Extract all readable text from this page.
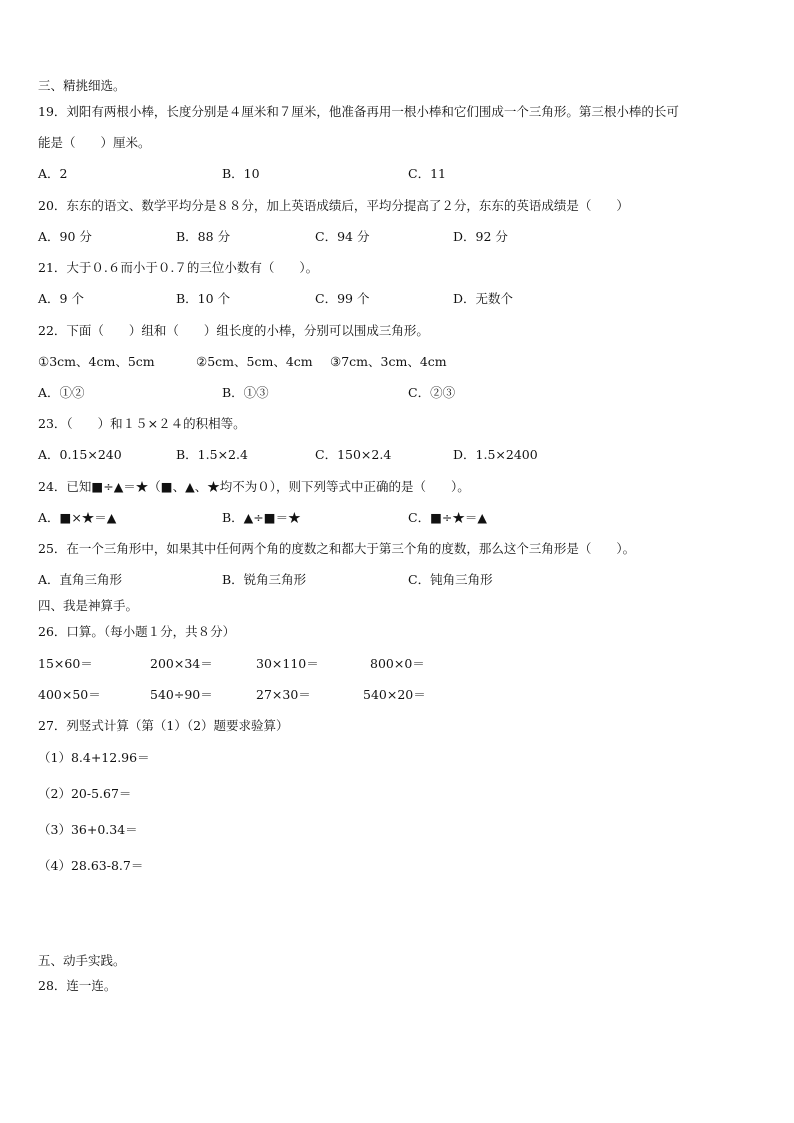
三、精挑细选。
19．刘阳有两根小棒，长度分别是４厘米和７厘米，他准备再用一根小棒和它们围成一个三角形。第三根小棒的长可
能是（　　）厘米。
A．2	B．10	C．11
20．东东的语文、数学平均分是８８分，加上英语成绩后，平均分提高了２分，东东的英语成绩是（　　）
A．90 分	B．88 分	C．94 分	D．92 分
21．大于０.６而小于０.７的三位小数有（　　）。
A．9 个	B．10 个	C．99 个	D．无数个
22．下面（　　）组和（　　）组长度的小棒，分别可以围成三角形。
①3cm、4cm、5cm	②5cm、5cm、4cm ③7cm、3cm、4cm
A．①②	B．①③	C．②③
23．（　　）和１５×２４的积相等。
A．0.15×240	B．1.5×2.4	C．150×2.4	D．1.5×2400
24．已知■÷▲＝★（■、▲、★均不为０），则下列等式中正确的是（　　）。
A．■×★＝▲	B．▲÷■＝★	C．■÷★＝▲
25．在一个三角形中，如果其中任何两个角的度数之和都大于第三个角的度数，那么这个三角形是（　　）。
A．直角三角形	B．锐角三角形	C．钝角三角形
四、我是神算手。
26．口算。（每小题１分，共８分）
15×60＝	200×34＝	30×110＝	800×0＝
400×50＝	540÷90＝	27×30＝	540×20＝
27．列竖式计算（第（1）（2）题要求验算）
（1）8.4+12.96＝
（2）20-5.67＝
（3）36+0.34＝
（4）28.63-8.7＝
五、动手实践。
28．连一连。
